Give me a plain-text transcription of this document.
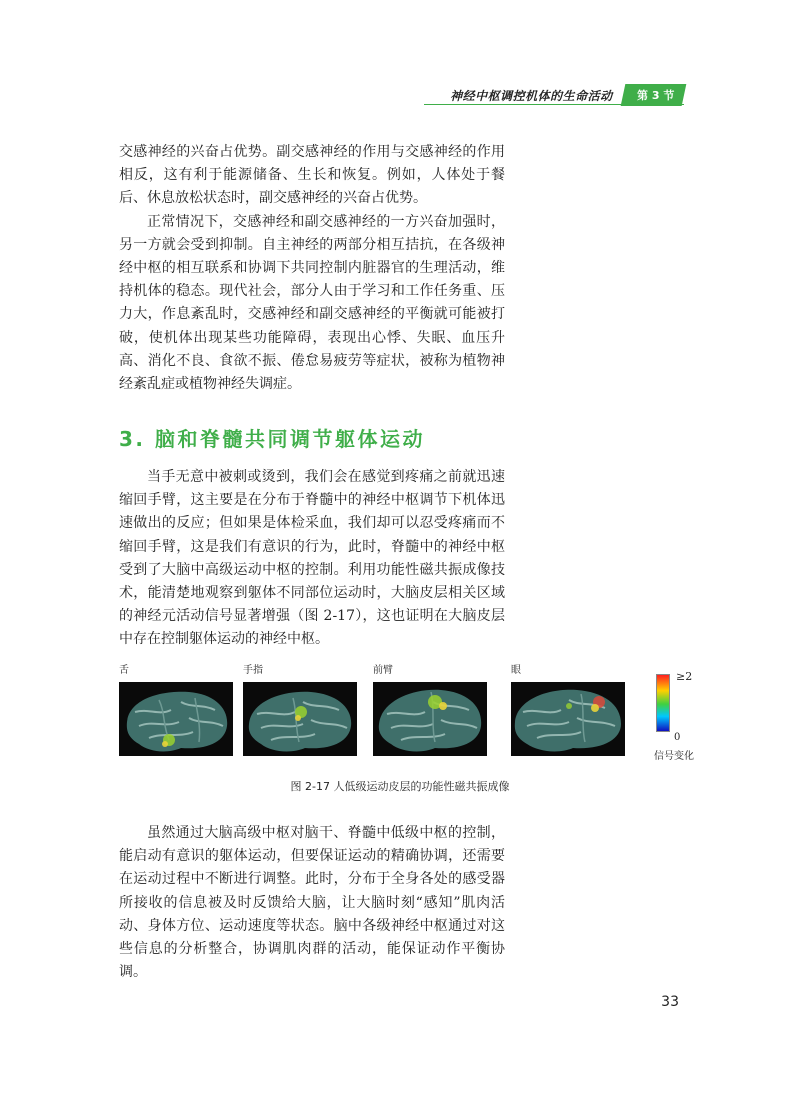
神经中枢调控机体的生命活动	第 3 节

交感神经的兴奋占优势。副交感神经的作用与交感神经的作用相反，这有利于能源储备、生长和恢复。例如，人体处于餐后、休息放松状态时，副交感神经的兴奋占优势。

正常情况下，交感神经和副交感神经的一方兴奋加强时，另一方就会受到抑制。自主神经的两部分相互拮抗，在各级神经中枢的相互联系和协调下共同控制内脏器官的生理活动，维持机体的稳态。现代社会，部分人由于学习和工作任务重、压力大，作息紊乱时，交感神经和副交感神经的平衡就可能被打破，使机体出现某些功能障碍，表现出心悸、失眠、血压升高、消化不良、食欲不振、倦怠易疲劳等症状，被称为植物神经紊乱症或植物神经失调症。

3. 脑和脊髓共同调节躯体运动

当手无意中被刺或烫到，我们会在感觉到疼痛之前就迅速缩回手臂，这主要是在分布于脊髓中的神经中枢调节下机体迅速做出的反应；但如果是体检采血，我们却可以忍受疼痛而不缩回手臂，这是我们有意识的行为，此时，脊髓中的神经中枢受到了大脑中高级运动中枢的控制。利用功能性磁共振成像技术，能清楚地观察到躯体不同部位运动时，大脑皮层相关区域的神经元活动信号显著增强（图 2-17），这也证明在大脑皮层中存在控制躯体运动的神经中枢。

舌	手指	前臂	眼	≥2
0
信号变化
图 2-17 人低级运动皮层的功能性磁共振成像

虽然通过大脑高级中枢对脑干、脊髓中低级中枢的控制，能启动有意识的躯体运动，但要保证运动的精确协调，还需要在运动过程中不断进行调整。此时，分布于全身各处的感受器所接收的信息被及时反馈给大脑，让大脑时刻“感知”肌肉活动、身体方位、运动速度等状态。脑中各级神经中枢通过对这些信息的分析整合，协调肌肉群的活动，能保证动作平衡协调。

33
